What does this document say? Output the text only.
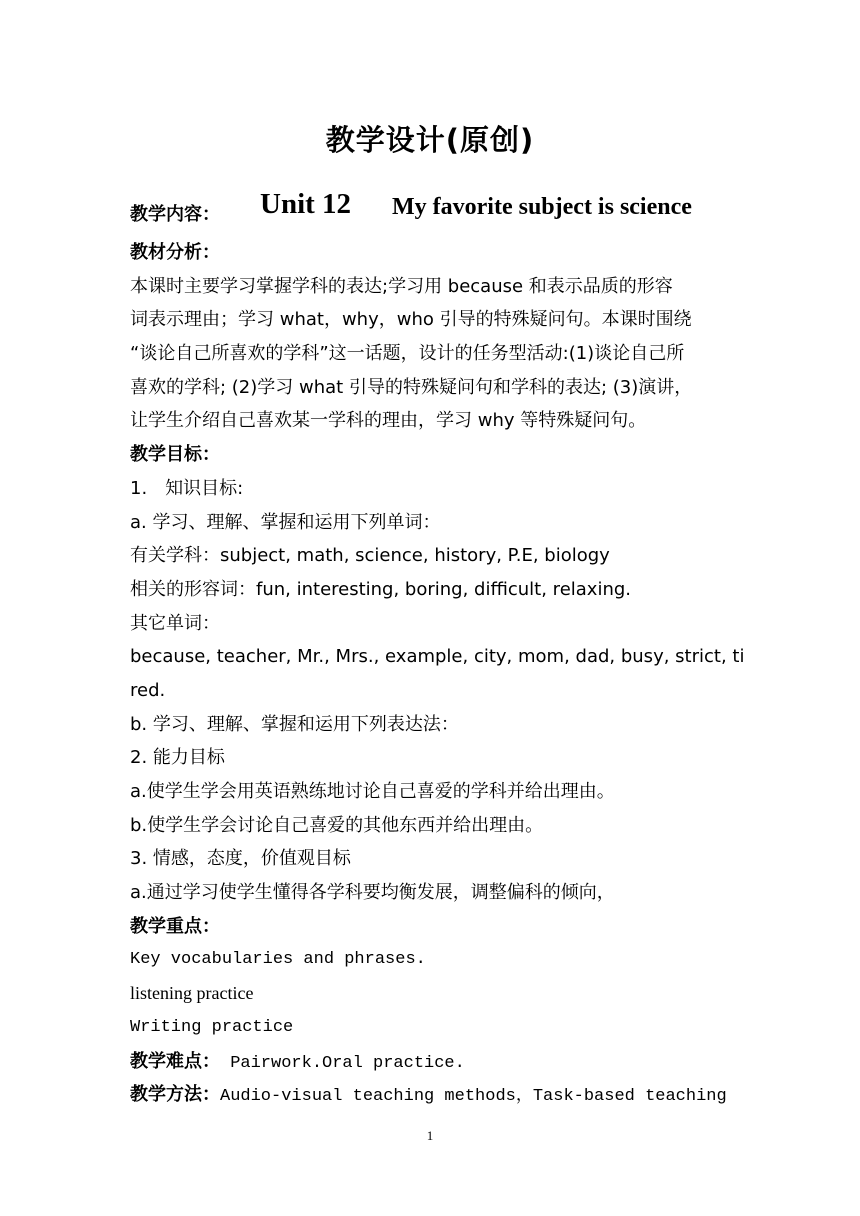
教学设计(原创)
教学内容： Unit 12 My favorite subject is science
教材分析：
本课时主要学习掌握学科的表达;学习用 because 和表示品质的形容
词表示理由；学习 what，why，who 引导的特殊疑问句。本课时围绕
“谈论自己所喜欢的学科”这一话题，设计的任务型活动:(1)谈论自己所
喜欢的学科; (2)学习 what 引导的特殊疑问句和学科的表达; (3)演讲，
让学生介绍自己喜欢某一学科的理由，学习 why 等特殊疑问句。
教学目标：
1.　知识目标:
a. 学习、理解、掌握和运用下列单词：
有关学科：subject, math, science, history, P.E, biology
相关的形容词：fun, interesting, boring, difficult, relaxing.
其它单词：
because, teacher, Mr., Mrs., example, city, mom, dad, busy, strict, ti
red.
b. 学习、理解、掌握和运用下列表达法：
2. 能力目标
a.使学生学会用英语熟练地讨论自己喜爱的学科并给出理由。
b.使学生学会讨论自己喜爱的其他东西并给出理由。
3. 情感，态度，价值观目标
a.通过学习使学生懂得各学科要均衡发展，调整偏科的倾向，
教学重点：
Key vocabularies and phrases.
listening practice
Writing practice
教学难点： Pairwork.Oral practice.
教学方法：Audio-visual teaching methods，Task-based teaching
1
